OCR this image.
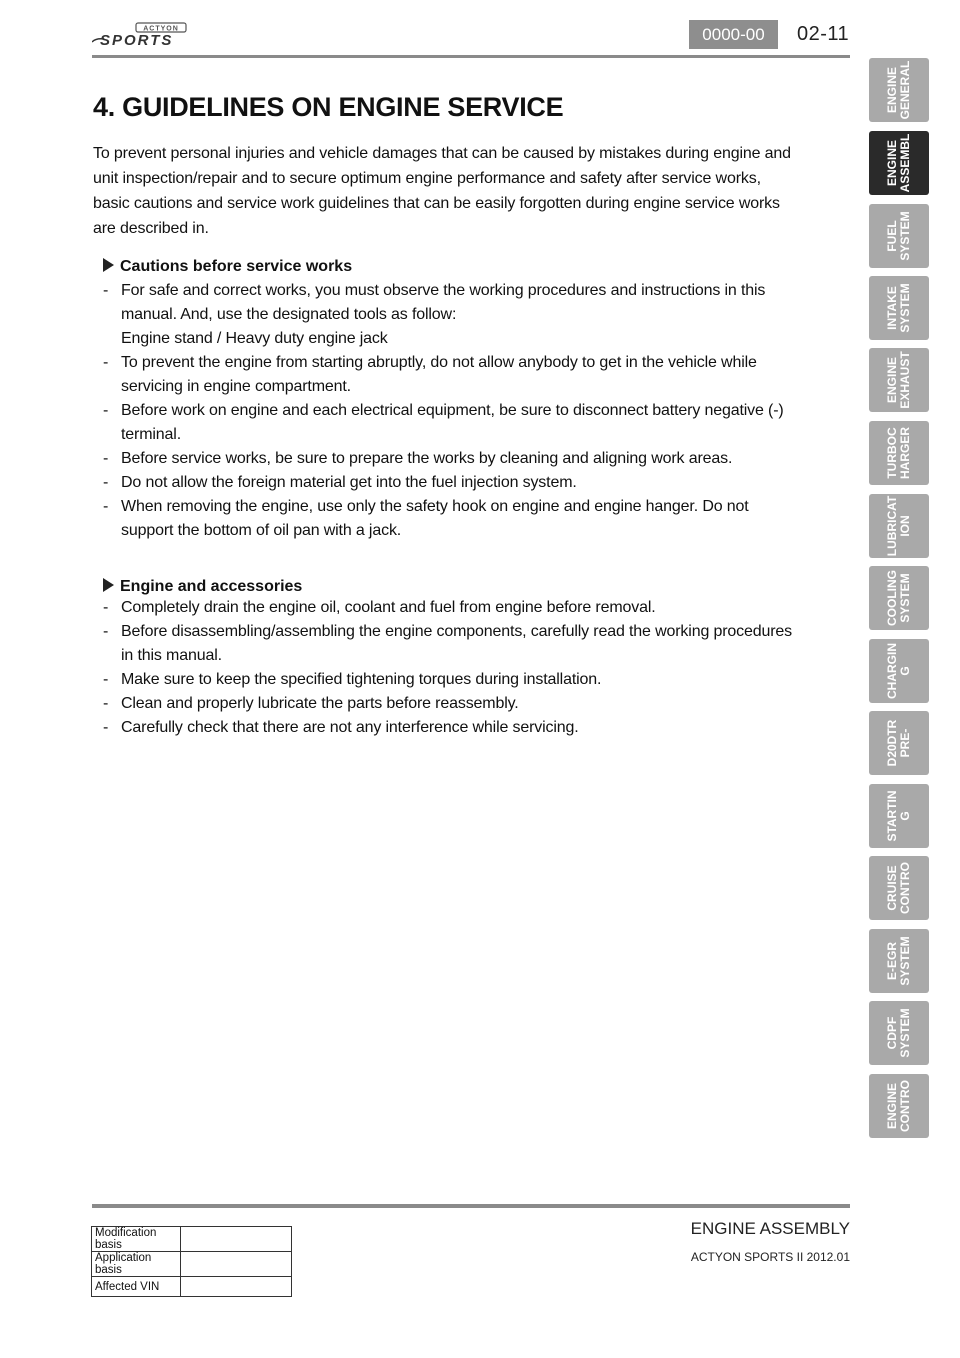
ACTYON
SPORTS	0000-00	02-11
4. GUIDELINES ON ENGINE SERVICE

To prevent personal injuries and vehicle damages that can be caused by mistakes during engine and unit inspection/repair and to secure optimum engine performance and safety after service works, basic cautions and service work guidelines that can be easily forgotten during engine service works are described in.

Cautions before service works
- For safe and correct works, you must observe the working procedures and instructions in this manual. And, use the designated tools as follow:
Engine stand / Heavy duty engine jack
- To prevent the engine from starting abruptly, do not allow anybody to get in the vehicle while servicing in engine compartment.
- Before work on engine and each electrical equipment, be sure to disconnect battery negative (-) terminal.
- Before service works, be sure to prepare the works by cleaning and aligning work areas.
- Do not allow the foreign material get into the fuel injection system.
- When removing the engine, use only the safety hook on engine and engine hanger. Do not support the bottom of oil pan with a jack.
Engine and accessories
- Completely drain the engine oil, coolant and fuel from engine before removal.
- Before disassembling/assembling the engine components, carefully read the working procedures in this manual.
- Make sure to keep the specified tightening torques during installation.
- Clean and properly lubricate the parts before reassembly.
- Carefully check that there are not any interference while servicing.
ENGINE
GENERAL
ENGINE
ASSEMBL
FUEL
SYSTEM
INTAKE
SYSTEM
ENGINE
EXHAUST
TURBOC
HARGER
LUBRICAT
ION
COOLING
SYSTEM
CHARGIN
G
D20DTR
PRE-
STARTIN
G
CRUISE
CONTRO
E-EGR
SYSTEM
CDPF
SYSTEM
ENGINE
CONTRO
Modification basis	
Application basis	
Affected VIN	
ENGINE ASSEMBLY
ACTYON SPORTS II 2012.01
